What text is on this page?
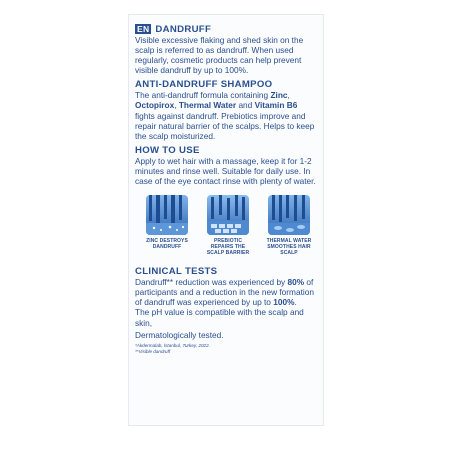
EN DANDRUFF

Visible excessive flaking and shed skin on the scalp is referred to as dandruff. When used regularly, cosmetic products can help prevent visible dandruff by up to 100%.

ANTI-DANDRUFF SHAMPOO

The anti-dandruff formula containing Zinc, Octopirox, Thermal Water and Vitamin B6 fights against dandruff. Prebiotics improve and repair natural barrier of the scalps. Helps to keep the scalp moisturized.

HOW TO USE

Apply to wet hair with a massage, keep it for 1-2 minutes and rinse well. Suitable for daily use. In case of the eye contact rinse with plenty of water.

ZINC DESTROYS DANDRUFF
PREBIOTIC REPAIRS THE SCALP BARRIER
THERMAL WATER SMOOTHES HAIR SCALP
CLINICAL TESTS

Dandruff** reduction was experienced by 80% of participants and a reduction in the new formation of dandruff was experienced by up to 100%.

The pH value is compatible with the scalp and skin,

Dermatologically tested.

*Akdermalab, İstanbul, Turkey, 2022.

**Visible dandruff
